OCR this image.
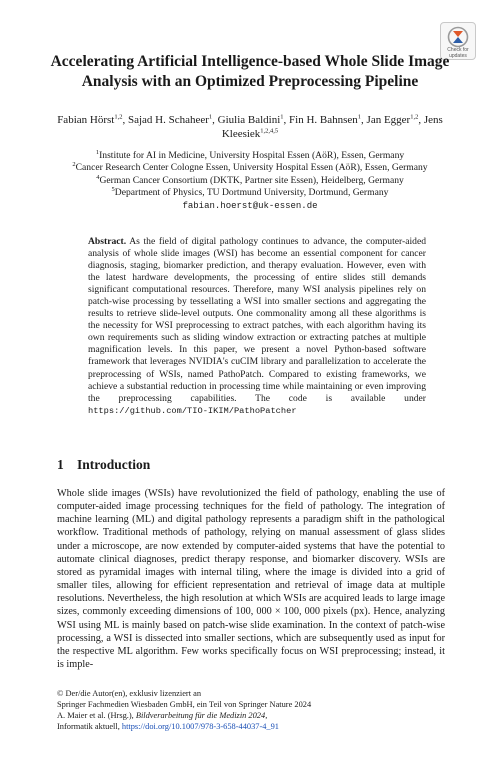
Check for
updates
Accelerating Artificial Intelligence-based Whole Slide Image Analysis with an Optimized Preprocessing Pipeline

Fabian Hörst$^{1,2}$, Sajad H. Schaheer$^1$, Giulia Baldini$^1$, Fin H. Bahnsen$^1$, Jan Egger$^{1,2}$, Jens Kleesiek$^{1,2,4,5}$

$^1$Institute for AI in Medicine, University Hospital Essen (AöR), Essen, Germany
$^2$Cancer Research Center Cologne Essen, University Hospital Essen (AöR), Essen, Germany
$^4$German Cancer Consortium (DKTK, Partner site Essen), Heidelberg, Germany
$^5$Department of Physics, TU Dortmund University, Dortmund, Germany
fabian.hoerst@uk-essen.de

Abstract. As the field of digital pathology continues to advance, the computer-aided analysis of whole slide images (WSI) has become an essential component for cancer diagnosis, staging, biomarker prediction, and therapy evaluation. However, even with the latest hardware developments, the processing of entire slides still demands significant computational resources. Therefore, many WSI analysis pipelines rely on patch-wise processing by tessellating a WSI into smaller sections and aggregating the results to retrieve slide-level outputs. One commonality among all these algorithms is the necessity for WSI preprocessing to extract patches, with each algorithm having its own requirements such as sliding window extraction or extracting patches at multiple magnification levels. In this paper, we present a novel Python-based software framework that leverages NVIDIA's cuCIM library and parallelization to accelerate the preprocessing of WSIs, named PathoPatch. Compared to existing frameworks, we achieve a substantial reduction in processing time while maintaining or even improving the preprocessing capabilities. The code is available under https://github.com/TIO-IKIM/PathoPatcher

1 Introduction

Whole slide images (WSIs) have revolutionized the field of pathology, enabling the use of computer-aided image processing techniques for the field of pathology. The integration of machine learning (ML) and digital pathology represents a paradigm shift in the pathological workflow. Traditional methods of pathology, relying on manual assessment of glass slides under a microscope, are now extended by computer-aided systems that have the potential to automate clinical diagnoses, predict therapy response, and biomarker discovery. WSIs are stored as pyramidal images with internal tiling, where the image is divided into a grid of smaller tiles, allowing for efficient representation and retrieval of image data at multiple resolutions. Nevertheless, the high resolution at which WSIs are acquired leads to large image sizes, commonly exceeding dimensions of 100, 000 × 100, 000 pixels (px). Hence, analyzing WSI using ML is mainly based on patch-wise slide examination. In the context of patch-wise processing, a WSI is dissected into smaller sections, which are subsequently used as input for the respective ML algorithm. Few works specifically focus on WSI preprocessing; instead, it is imple-

© Der/die Autor(en), exklusiv lizenziert an
Springer Fachmedien Wiesbaden GmbH, ein Teil von Springer Nature 2024
A. Maier et al. (Hrsg.), Bildverarbeitung für die Medizin 2024,
Informatik aktuell, https://doi.org/10.1007/978-3-658-44037-4_91
